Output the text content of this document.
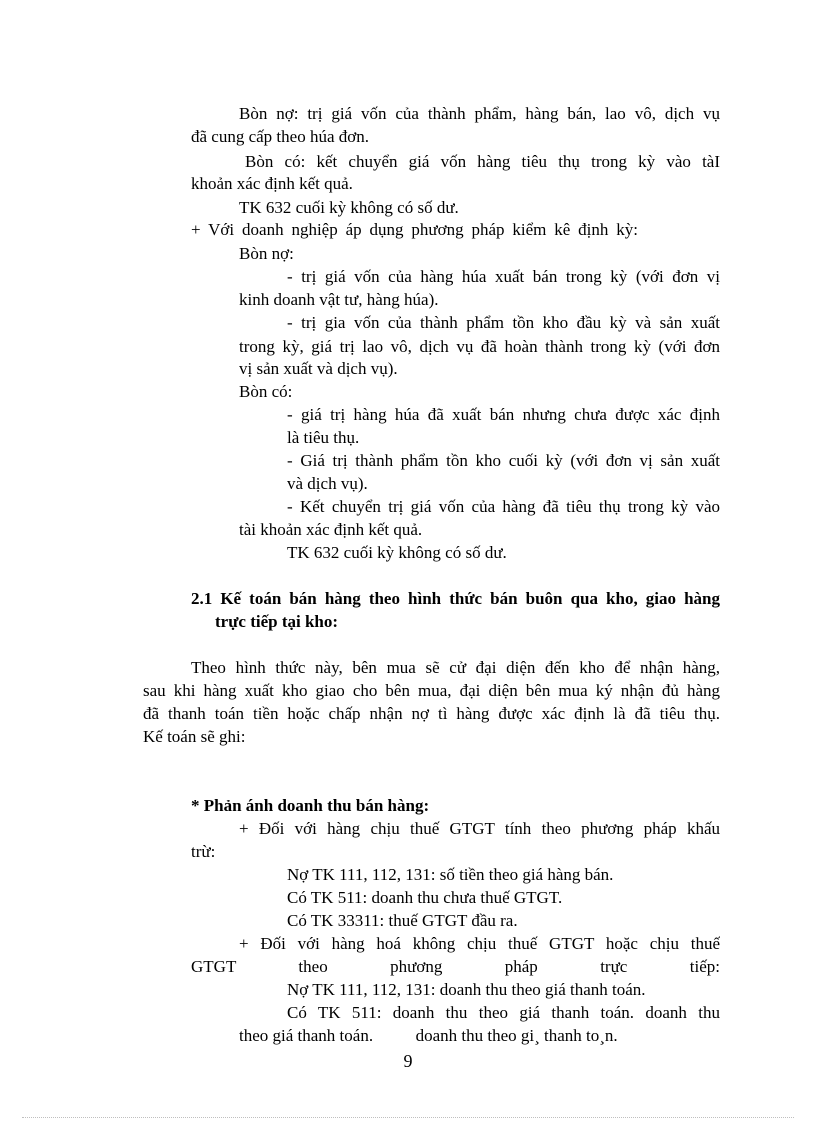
Bòn nợ: trị giá vốn của thành phẩm, hàng bán, lao vô, dịch vụ
đã cung cấp theo húa đơn.
Bòn có: kết chuyển giá vốn hàng tiêu thụ trong kỳ vào tàI
khoản xác định kết quả.
TK 632 cuối kỳ không có số dư.
+ Với doanh nghiệp áp dụng phương pháp kiểm kê định kỳ:
Bòn nợ:
- trị giá vốn của hàng húa xuất bán trong kỳ (với đơn vị
kinh doanh vật tư, hàng húa).
- trị gia vốn của thành phẩm tồn kho đầu kỳ và sản xuất
trong kỳ, giá trị lao vô, dịch vụ đã hoàn thành trong kỳ (với đơn
vị sản xuất và dịch vụ).
Bòn có:
- giá trị hàng húa đã xuất bán nhưng chưa được xác định
là tiêu thụ.
- Giá trị thành phẩm tồn kho cuối kỳ (với đơn vị sản xuất
và dịch vụ).
- Kết chuyển trị giá vốn của hàng đã tiêu thụ trong kỳ vào
tài khoản xác định kết quả.
TK 632 cuối kỳ không có số dư.
2.1 Kế toán bán hàng theo hình thức bán buôn qua kho, giao hàng
trực tiếp tại kho:
Theo hình thức này, bên mua sẽ cử đại diện đến kho để nhận hàng,
sau khi hàng xuất kho giao cho bên mua, đại diện bên mua ký nhận đủ hàng
đã thanh toán tiền hoặc chấp nhận nợ tì hàng được xác định là đã tiêu thụ.
Kế toán sẽ ghi:
* Phản ánh doanh thu bán hàng:
+ Đối với hàng chịu thuế GTGT tính theo phương pháp khấu
trừ:
Nợ TK 111, 112, 131: số tiền theo giá hàng bán.
Có TK 511: doanh thu chưa thuế GTGT.
Có TK 33311: thuế GTGT đầu ra.
+ Đối với hàng hoá không chịu thuế GTGT hoặc chịu thuế
GTGT theo phương pháp trực tiếp:
Nợ TK 111, 112, 131: doanh thu theo giá thanh toán.
Có TK 511: doanh thu theo giá thanh toán. doanh thu
theo giá thanh toán.          doanh thu theo gi¸ thanh to¸n.
9
